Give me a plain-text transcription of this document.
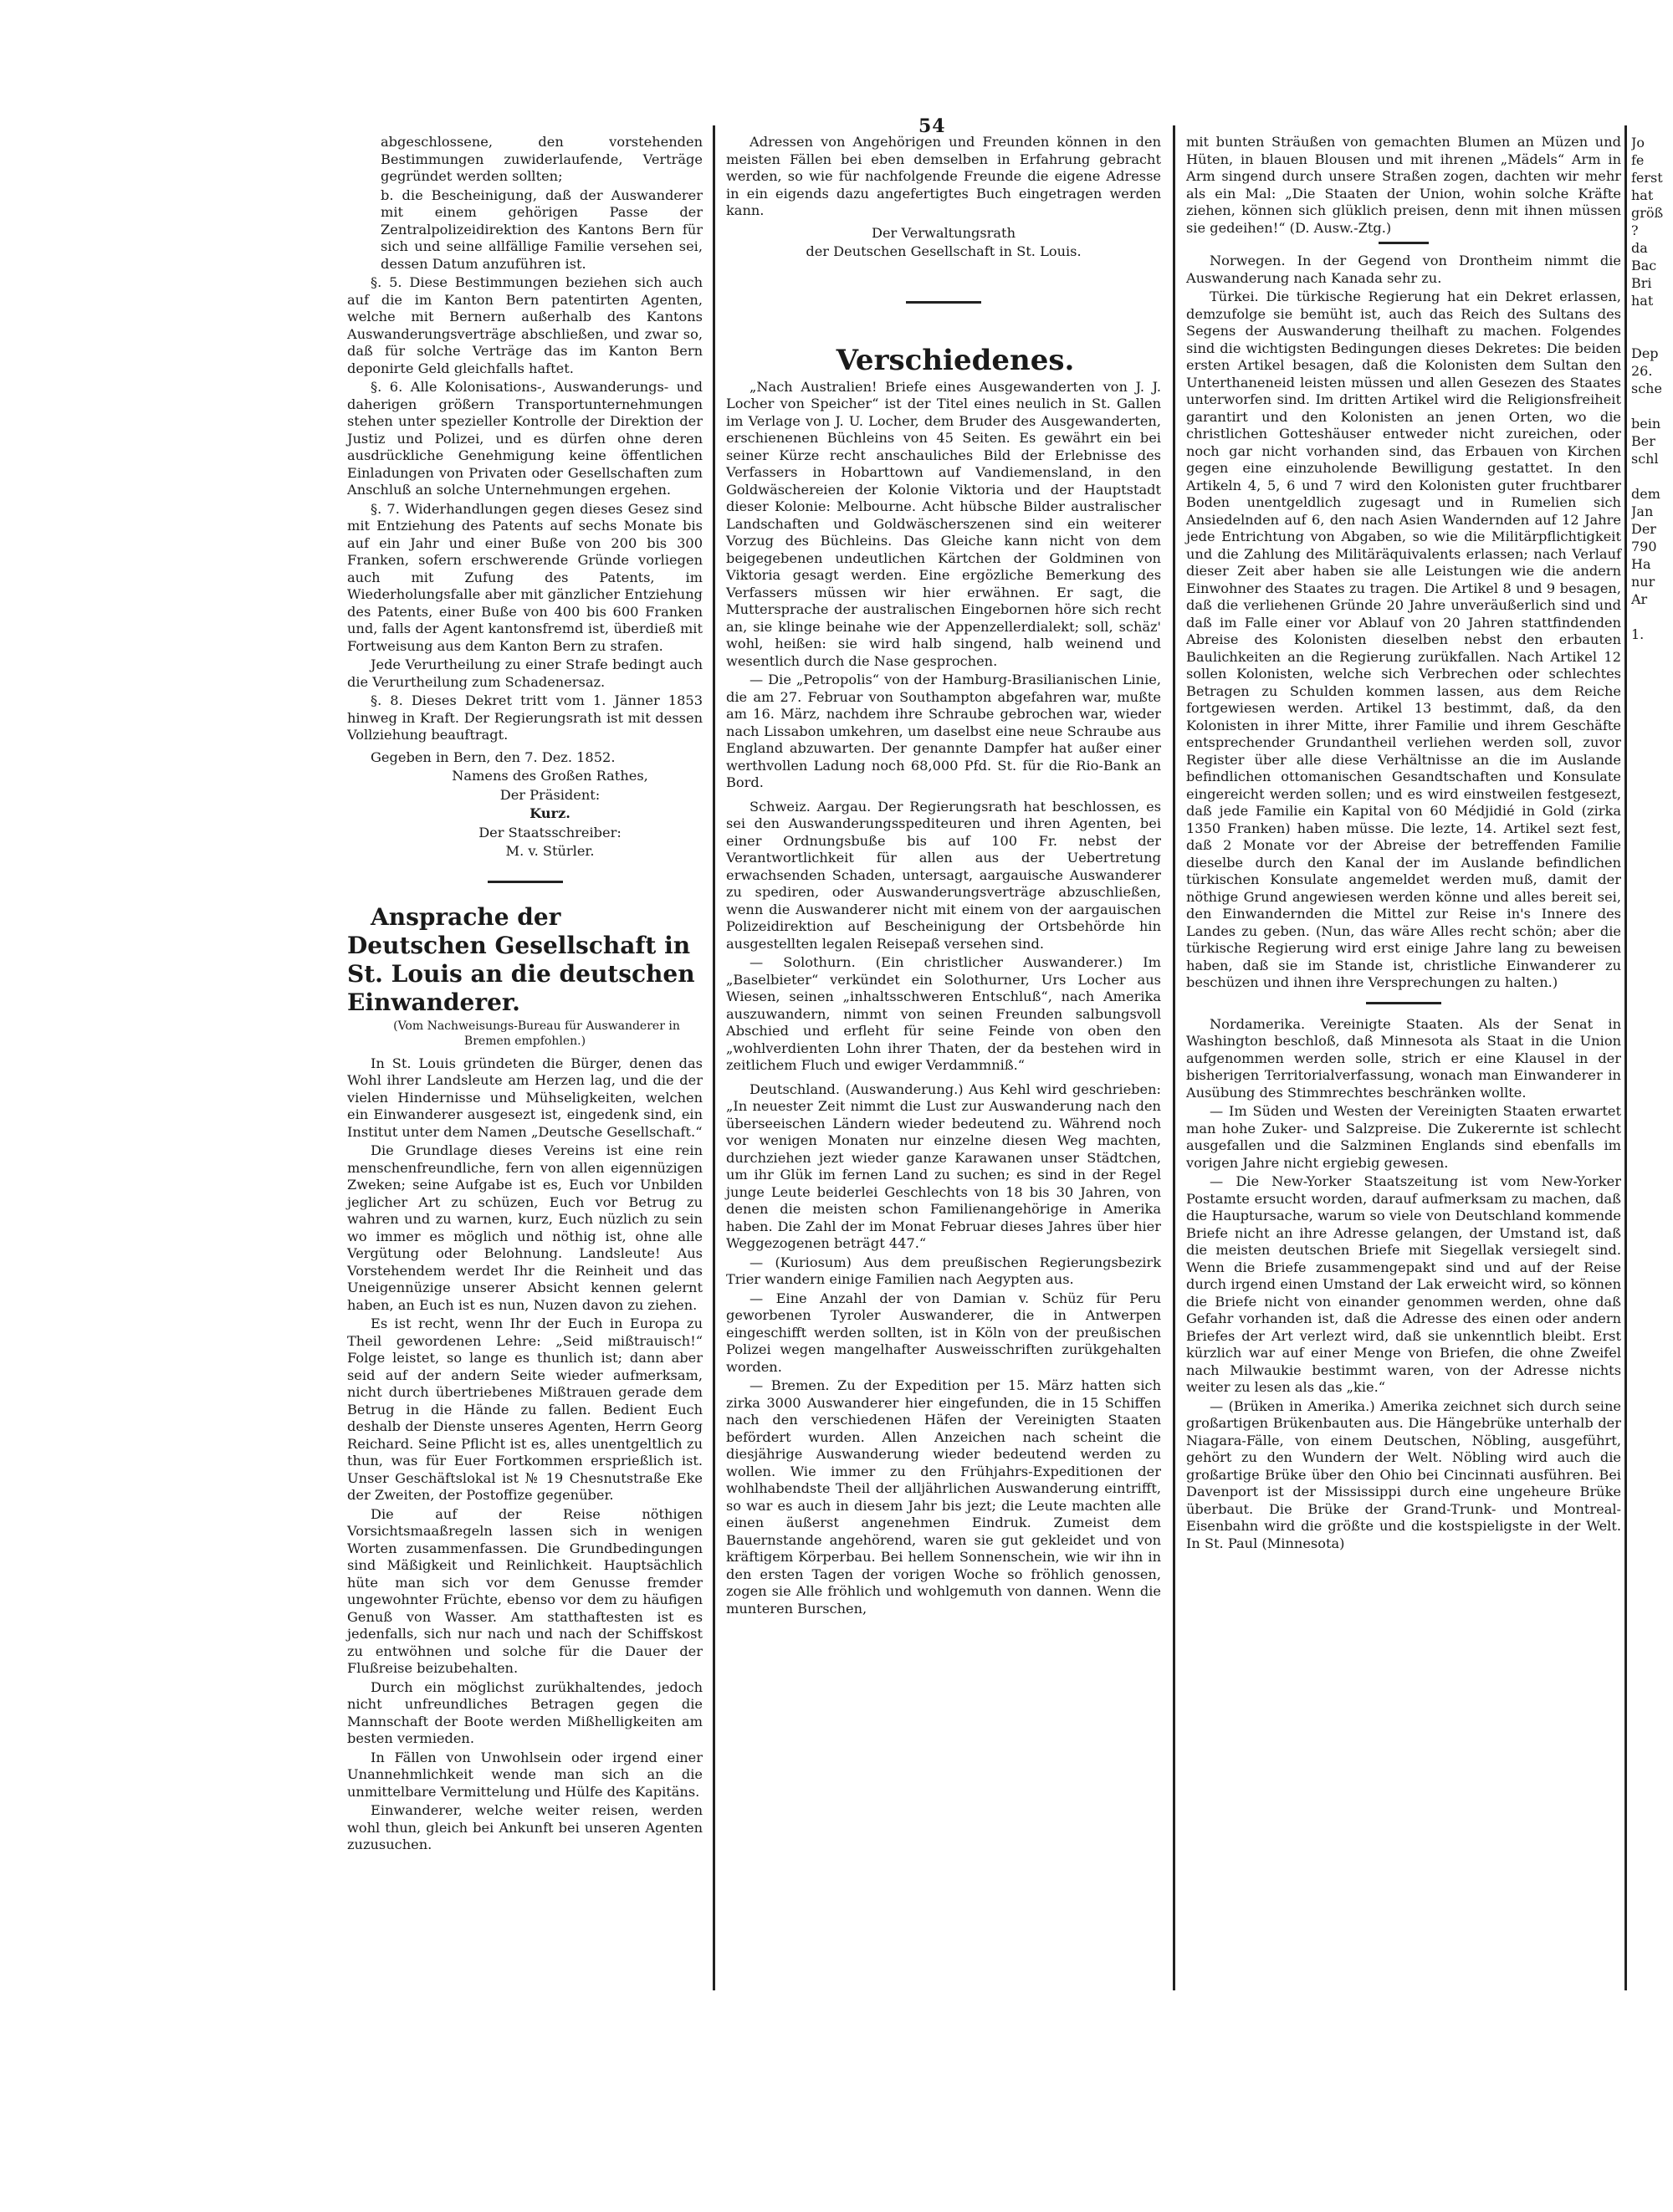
54

abgeschlossene, den vorstehenden Bestimmungen zuwiderlaufende, Verträge gegründet werden sollten;

b. die Bescheinigung, daß der Auswanderer mit einem gehörigen Passe der Zentralpolizeidirektion des Kantons Bern für sich und seine allfällige Familie versehen sei, dessen Datum anzuführen ist.

§. 5. Diese Bestimmungen beziehen sich auch auf die im Kanton Bern patentirten Agenten, welche mit Bernern außerhalb des Kantons Auswanderungsverträge abschließen, und zwar so, daß für solche Verträge das im Kanton Bern deponirte Geld gleichfalls haftet.

§. 6. Alle Kolonisations-, Auswanderungs- und daherigen größern Transportunternehmungen stehen unter spezieller Kontrolle der Direktion der Justiz und Polizei, und es dürfen ohne deren ausdrückliche Genehmigung keine öffentlichen Einladungen von Privaten oder Gesellschaften zum Anschluß an solche Unternehmungen ergehen.

§. 7. Widerhandlungen gegen dieses Gesez sind mit Entziehung des Patents auf sechs Monate bis auf ein Jahr und einer Buße von 200 bis 300 Franken, sofern erschwerende Gründe vorliegen auch mit Zufung des Patents, im Wiederholungsfalle aber mit gänzlicher Entziehung des Patents, einer Buße von 400 bis 600 Franken und, falls der Agent kantonsfremd ist, überdieß mit Fortweisung aus dem Kanton Bern zu strafen.

Jede Verurtheilung zu einer Strafe bedingt auch die Verurtheilung zum Schadenersaz.

§. 8. Dieses Dekret tritt vom 1. Jänner 1853 hinweg in Kraft. Der Regierungsrath ist mit dessen Vollziehung beauftragt.

Gegeben in Bern, den 7. Dez. 1852.

Namens des Großen Rathes,

Der Präsident:

Kurz.

Der Staatsschreiber:

M. v. Stürler.

Ansprache der Deutschen Gesellschaft in St. Louis an die deutschen Einwanderer.

(Vom Nachweisungs-Bureau für Auswanderer in Bremen empfohlen.)

In St. Louis gründeten die Bürger, denen das Wohl ihrer Landsleute am Herzen lag, und die der vielen Hindernisse und Mühseligkeiten, welchen ein Einwanderer ausgesezt ist, eingedenk sind, ein Institut unter dem Namen „Deutsche Gesellschaft.“

Die Grundlage dieses Vereins ist eine rein menschenfreundliche, fern von allen eigennüzigen Zweken; seine Aufgabe ist es, Euch vor Unbilden jeglicher Art zu schüzen, Euch vor Betrug zu wahren und zu warnen, kurz, Euch nüzlich zu sein wo immer es möglich und nöthig ist, ohne alle Vergütung oder Belohnung. Landsleute! Aus Vorstehendem werdet Ihr die Reinheit und das Uneigennüzige unserer Absicht kennen gelernt haben, an Euch ist es nun, Nuzen davon zu ziehen.

Es ist recht, wenn Ihr der Euch in Europa zu Theil gewordenen Lehre: „Seid mißtrauisch!“ Folge leistet, so lange es thunlich ist; dann aber seid auf der andern Seite wieder aufmerksam, nicht durch übertriebenes Mißtrauen gerade dem Betrug in die Hände zu fallen. Bedient Euch deshalb der Dienste unseres Agenten, Herrn Georg Reichard. Seine Pflicht ist es, alles unentgeltlich zu thun, was für Euer Fortkommen ersprießlich ist. Unser Geschäftslokal ist № 19 Chesnutstraße Eke der Zweiten, der Postoffize gegenüber.

Die auf der Reise nöthigen Vorsichtsmaaßregeln lassen sich in wenigen Worten zusammenfassen. Die Grundbedingungen sind Mäßigkeit und Reinlichkeit. Hauptsächlich hüte man sich vor dem Genusse fremder ungewohnter Früchte, ebenso vor dem zu häufigen Genuß von Wasser. Am statthaftesten ist es jedenfalls, sich nur nach und nach der Schiffskost zu entwöhnen und solche für die Dauer der Flußreise beizubehalten.

Durch ein möglichst zurükhaltendes, jedoch nicht unfreundliches Betragen gegen die Mannschaft der Boote werden Mißhelligkeiten am besten vermieden.

In Fällen von Unwohlsein oder irgend einer Unannehmlichkeit wende man sich an die unmittelbare Vermittelung und Hülfe des Kapitäns.

Einwanderer, welche weiter reisen, werden wohl thun, gleich bei Ankunft bei unseren Agenten zuzusuchen.

Adressen von Angehörigen und Freunden können in den meisten Fällen bei eben demselben in Erfahrung gebracht werden, so wie für nachfolgende Freunde die eigene Adresse in ein eigends dazu angefertigtes Buch eingetragen werden kann.

Der Verwaltungsrath

der Deutschen Gesellschaft in St. Louis.

Verschiedenes.

„Nach Australien! Briefe eines Ausgewanderten von J. J. Locher von Speicher“ ist der Titel eines neulich in St. Gallen im Verlage von J. U. Locher, dem Bruder des Ausgewanderten, erschienenen Büchleins von 45 Seiten. Es gewährt ein bei seiner Kürze recht anschauliches Bild der Erlebnisse des Verfassers in Hobarttown auf Vandiemensland, in den Goldwäschereien der Kolonie Viktoria und der Hauptstadt dieser Kolonie: Melbourne. Acht hübsche Bilder australischer Landschaften und Goldwäscherszenen sind ein weiterer Vorzug des Büchleins. Das Gleiche kann nicht von dem beigegebenen undeutlichen Kärtchen der Goldminen von Viktoria gesagt werden. Eine ergözliche Bemerkung des Verfassers müssen wir hier erwähnen. Er sagt, die Muttersprache der australischen Eingebornen höre sich recht an, sie klinge beinahe wie der Appenzellerdialekt; soll, schäz' wohl, heißen: sie wird halb singend, halb weinend und wesentlich durch die Nase gesprochen.

— Die „Petropolis“ von der Hamburg-Brasilianischen Linie, die am 27. Februar von Southampton abgefahren war, mußte am 16. März, nachdem ihre Schraube gebrochen war, wieder nach Lissabon umkehren, um daselbst eine neue Schraube aus England abzuwarten. Der genannte Dampfer hat außer einer werthvollen Ladung noch 68,000 Pfd. St. für die Rio-Bank an Bord.

Schweiz. Aargau. Der Regierungsrath hat beschlossen, es sei den Auswanderungsspediteuren und ihren Agenten, bei einer Ordnungsbuße bis auf 100 Fr. nebst der Verantwortlichkeit für allen aus der Uebertretung erwachsenden Schaden, untersagt, aargauische Auswanderer zu spediren, oder Auswanderungsverträge abzuschließen, wenn die Auswanderer nicht mit einem von der aargauischen Polizeidirektion auf Bescheinigung der Ortsbehörde hin ausgestellten legalen Reisepaß versehen sind.

— Solothurn. (Ein christlicher Auswanderer.) Im „Baselbieter“ verkündet ein Solothurner, Urs Locher aus Wiesen, seinen „inhaltsschweren Entschluß“, nach Amerika auszuwandern, nimmt von seinen Freunden salbungsvoll Abschied und erfleht für seine Feinde von oben den „wohlverdienten Lohn ihrer Thaten, der da bestehen wird in zeitlichem Fluch und ewiger Verdammniß.“

Deutschland. (Auswanderung.) Aus Kehl wird geschrieben: „In neuester Zeit nimmt die Lust zur Auswanderung nach den überseeischen Ländern wieder bedeutend zu. Während noch vor wenigen Monaten nur einzelne diesen Weg machten, durchziehen jezt wieder ganze Karawanen unser Städtchen, um ihr Glük im fernen Land zu suchen; es sind in der Regel junge Leute beiderlei Geschlechts von 18 bis 30 Jahren, von denen die meisten schon Familienangehörige in Amerika haben. Die Zahl der im Monat Februar dieses Jahres über hier Weggezogenen beträgt 447.“

— (Kuriosum) Aus dem preußischen Regierungsbezirk Trier wandern einige Familien nach Aegypten aus.

— Eine Anzahl der von Damian v. Schüz für Peru geworbenen Tyroler Auswanderer, die in Antwerpen eingeschifft werden sollten, ist in Köln von der preußischen Polizei wegen mangelhafter Ausweisschriften zurükgehalten worden.

— Bremen. Zu der Expedition per 15. März hatten sich zirka 3000 Auswanderer hier eingefunden, die in 15 Schiffen nach den verschiedenen Häfen der Vereinigten Staaten befördert wurden. Allen Anzeichen nach scheint die diesjährige Auswanderung wieder bedeutend werden zu wollen. Wie immer zu den Frühjahrs-Expeditionen der wohlhabendste Theil der alljährlichen Auswanderung eintrifft, so war es auch in diesem Jahr bis jezt; die Leute machten alle einen äußerst angenehmen Eindruk. Zumeist dem Bauernstande angehörend, waren sie gut gekleidet und von kräftigem Körperbau. Bei hellem Sonnenschein, wie wir ihn in den ersten Tagen der vorigen Woche so fröhlich genossen, zogen sie Alle fröhlich und wohlgemuth von dannen. Wenn die munteren Burschen,

mit bunten Sträußen von gemachten Blumen an Müzen und Hüten, in blauen Blousen und mit ihrenen „Mädels“ Arm in Arm singend durch unsere Straßen zogen, dachten wir mehr als ein Mal: „Die Staaten der Union, wohin solche Kräfte ziehen, können sich glüklich preisen, denn mit ihnen müssen sie gedeihen!“ (D. Ausw.-Ztg.)

Norwegen. In der Gegend von Drontheim nimmt die Auswanderung nach Kanada sehr zu.

Türkei. Die türkische Regierung hat ein Dekret erlassen, demzufolge sie bemüht ist, auch das Reich des Sultans des Segens der Auswanderung theilhaft zu machen. Folgendes sind die wichtigsten Bedingungen dieses Dekretes: Die beiden ersten Artikel besagen, daß die Kolonisten dem Sultan den Unterthaneneid leisten müssen und allen Gesezen des Staates unterworfen sind. Im dritten Artikel wird die Religionsfreiheit garantirt und den Kolonisten an jenen Orten, wo die christlichen Gotteshäuser entweder nicht zureichen, oder noch gar nicht vorhanden sind, das Erbauen von Kirchen gegen eine einzuholende Bewilligung gestattet. In den Artikeln 4, 5, 6 und 7 wird den Kolonisten guter fruchtbarer Boden unentgeldlich zugesagt und in Rumelien sich Ansiedelnden auf 6, den nach Asien Wandernden auf 12 Jahre jede Entrichtung von Abgaben, so wie die Militärpflichtigkeit und die Zahlung des Militäräquivalents erlassen; nach Verlauf dieser Zeit aber haben sie alle Leistungen wie die andern Einwohner des Staates zu tragen. Die Artikel 8 und 9 besagen, daß die verliehenen Gründe 20 Jahre unveräußerlich sind und daß im Falle einer vor Ablauf von 20 Jahren stattfindenden Abreise des Kolonisten dieselben nebst den erbauten Baulichkeiten an die Regierung zurükfallen. Nach Artikel 12 sollen Kolonisten, welche sich Verbrechen oder schlechtes Betragen zu Schulden kommen lassen, aus dem Reiche fortgewiesen werden. Artikel 13 bestimmt, daß, da den Kolonisten in ihrer Mitte, ihrer Familie und ihrem Geschäfte entsprechender Grundantheil verliehen werden soll, zuvor Register über alle diese Verhältnisse an die im Auslande befindlichen ottomanischen Gesandtschaften und Konsulate eingereicht werden sollen; und es wird einstweilen festgesezt, daß jede Familie ein Kapital von 60 Médjidié in Gold (zirka 1350 Franken) haben müsse. Die lezte, 14. Artikel sezt fest, daß 2 Monate vor der Abreise der betreffenden Familie dieselbe durch den Kanal der im Auslande befindlichen türkischen Konsulate angemeldet werden muß, damit der nöthige Grund angewiesen werden könne und alles bereit sei, den Einwandernden die Mittel zur Reise in's Innere des Landes zu geben. (Nun, das wäre Alles recht schön; aber die türkische Regierung wird erst einige Jahre lang zu beweisen haben, daß sie im Stande ist, christliche Einwanderer zu beschüzen und ihnen ihre Versprechungen zu halten.)

Nordamerika. Vereinigte Staaten. Als der Senat in Washington beschloß, daß Minnesota als Staat in die Union aufgenommen werden solle, strich er eine Klausel in der bisherigen Territorialverfassung, wonach man Einwanderer in Ausübung des Stimmrechtes beschränken wollte.

— Im Süden und Westen der Vereinigten Staaten erwartet man hohe Zuker- und Salzpreise. Die Zukerernte ist schlecht ausgefallen und die Salzminen Englands sind ebenfalls im vorigen Jahre nicht ergiebig gewesen.

— Die New-Yorker Staatszeitung ist vom New-Yorker Postamte ersucht worden, darauf aufmerksam zu machen, daß die Hauptursache, warum so viele von Deutschland kommende Briefe nicht an ihre Adresse gelangen, der Umstand ist, daß die meisten deutschen Briefe mit Siegellak versiegelt sind. Wenn die Briefe zusammengepakt sind und auf der Reise durch irgend einen Umstand der Lak erweicht wird, so können die Briefe nicht von einander genommen werden, ohne daß Gefahr vorhanden ist, daß die Adresse des einen oder andern Briefes der Art verlezt wird, daß sie unkenntlich bleibt. Erst kürzlich war auf einer Menge von Briefen, die ohne Zweifel nach Milwaukie bestimmt waren, von der Adresse nichts weiter zu lesen als das „kie.“

— (Brüken in Amerika.) Amerika zeichnet sich durch seine großartigen Brükenbauten aus. Die Hängebrüke unterhalb der Niagara-Fälle, von einem Deutschen, Nöbling, ausgeführt, gehört zu den Wundern der Welt. Nöbling wird auch die großartige Brüke über den Ohio bei Cincinnati ausführen. Bei Davenport ist der Mississippi durch eine ungeheure Brüke überbaut. Die Brüke der Grand-Trunk- und Montreal-Eisenbahn wird die größte und die kostspieligste in der Welt. In St. Paul (Minnesota)

Jo

fe

ferst

hat

größ

?

da

Bac

Bri

hat

Dep

26.

sche

bein

Ber

schl

dem

Jan

Der

790

Ha

nur

Ar

1.
